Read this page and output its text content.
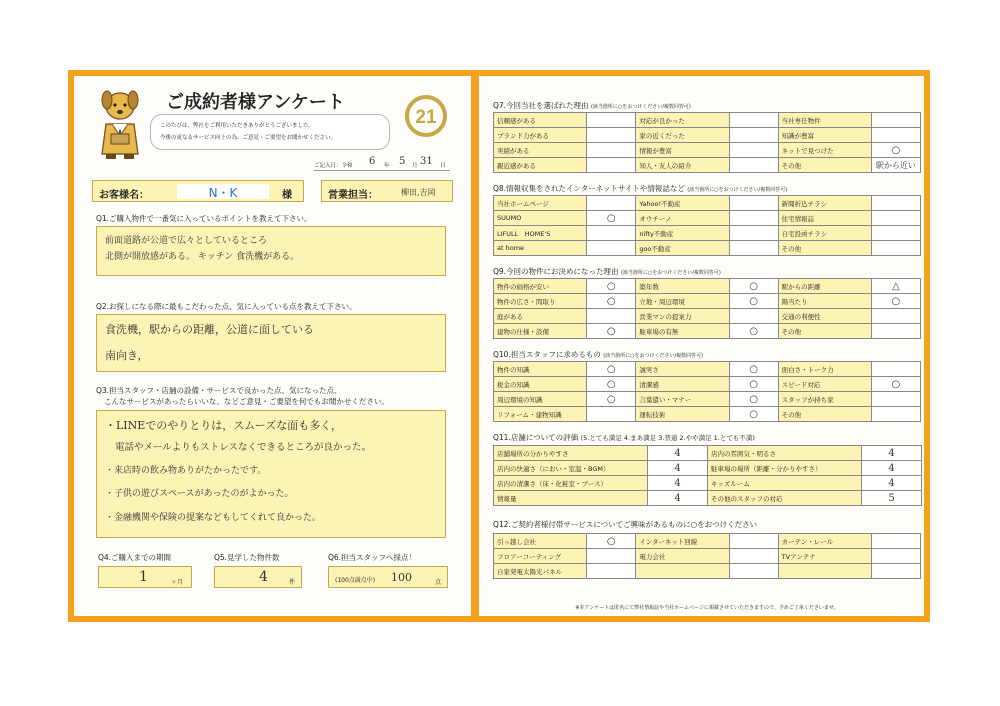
ご成約者様アンケート
このたびは、弊社をご利用いただきありがとうございました。
今後の更なるサービス向上の為、ご意見・ご要望をお聞かせください。
21
ご記入日：令和 6 年 5 月 31 日
お客様名：	N・K	様	営業担当：	柳田,吉岡
Q1.ご購入物件で一番気に入っているポイントを教えて下さい。
前面道路が公道で広々としているところ
北側が開放感がある。 キッチン 食洗機がある。
Q2.お探しになる際に最もこだわった点、気に入っている点を教えて下さい。
食洗機，駅からの距離，公道に面している
南向き，
Q3.担当スタッフ・店舗の設備・サービスで良かった点、気になった点、
こんなサービスがあったらいいな、などご意見・ご要望を何でもお聞かせください。
・LINEでのやりとりは，スムーズな面も多く，
電話やメールよりもストレスなくできるところが良かった。
・来店時の飲み物ありがたかったです。
・子供の遊びスペースがあったのがよかった。
・金融機関や保険の提案などもしてくれて良かった。
Q4.ご購入までの期間
1	ヶ月
Q5.見学した物件数
4	件
Q6.担当スタッフへ採点！
(100点満点中) 100	点
Q7.今回当社を選ばれた理由 (該当箇所に○をおつけください/複数回答可)
信頼感がある		対応が良かった		当社専任物件	
ブランド力がある		家の近くだった		知識が豊富	
実績がある		情報が豊富		ネットで見つけた	○
親近感がある		知人・友人の紹介		その他	駅から近い
Q8.情報収集をされたインターネットサイトや情報誌など (該当箇所に○をおつけください/複数回答可)
当社ホームページ		Yahoo!不動産		新聞折込チラシ	
SUUMO	○	オウチーノ		住宅情報誌	
LIFULL　HOME'S		nifty不動産		自宅投函チラシ	
at home		goo不動産		その他	
Q9.今回の物件にお決めになった理由 (該当箇所に○をおつけください/複数回答可)
物件の価格が安い	○	築年数	○	駅からの距離	△
物件の広さ・間取り	○	立地・周辺環境	○	陽当たり	○
庭がある		営業マンの提案力		交通の利便性	
建物の仕様・設備	○	駐車場の有無	○	その他	
Q10.担当スタッフに求めるもの (該当箇所に○をおつけください/複数回答可)
物件の知識	○	誠実さ	○	面白さ・トーク力	
税金の知識	○	清潔感	○	スピード対応	○
周辺環境の知識	○	言葉遣い・マナー	○	スタッフが持ち家	
リフォーム・建物知識		運転技術	○	その他	
Q11.店舗についての評価 (5.とても満足 4.まあ満足 3.普通 2.やや満足 1.とても不満)
店舗場所の分かりやすさ	4	店内の雰囲気・明るさ	4
店内の快適さ（におい・室温・BGM）	4	駐車場の場所（距離・分かりやすさ）	4
店内の清潔さ（床・化粧室・ブース）	4	キッズルーム	4
情報量	4	その他のスタッフの対応	5
Q12.ご契約者様付帯サービスについてご興味があるものに○をおつけください
引っ越し会社	○	インターネット回線		カーテン・レール	
フロアーコーティング		電力会社		TVアンテナ	
自家発電太陽光パネル					
※本アンケートは匿名にて弊社情報誌や当社ホームページに掲載させていただきますので、予めご了承くださいませ。
